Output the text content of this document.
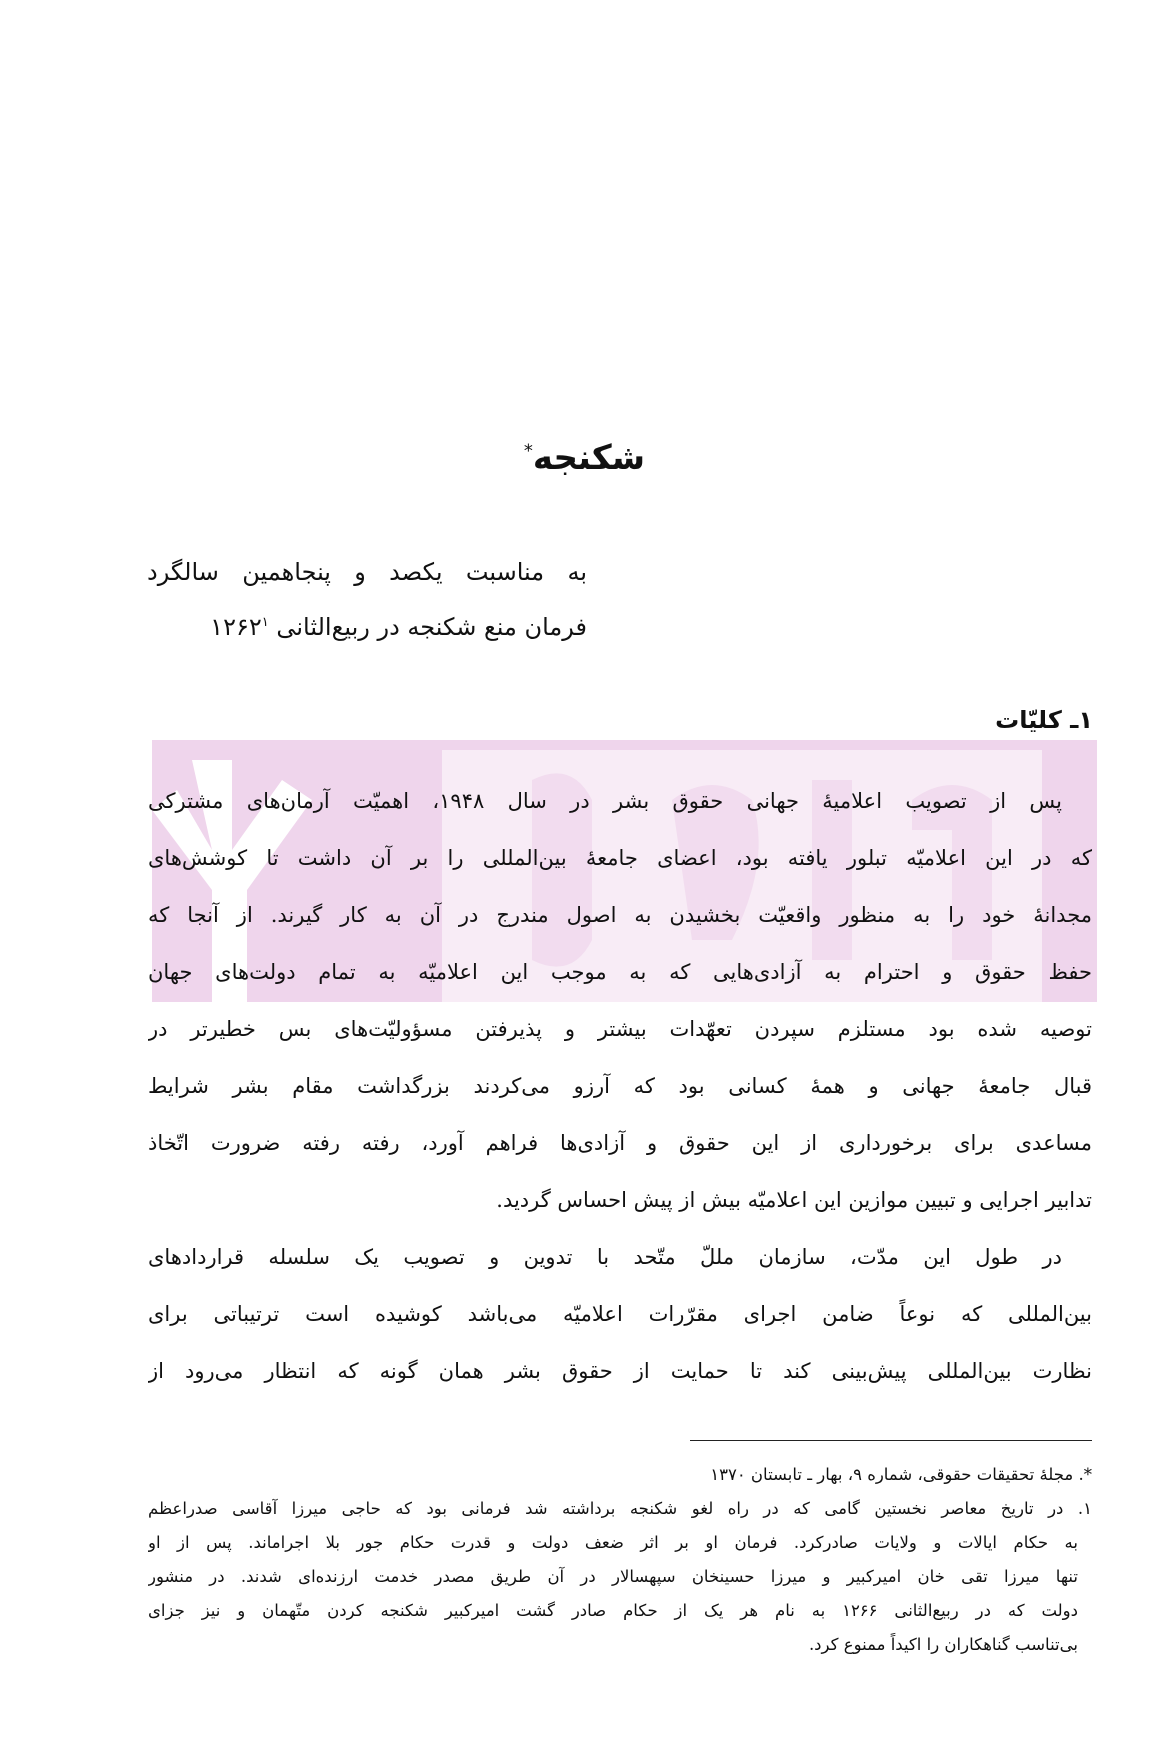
شکنجه*
به مناسبت یکصد و پنجاهمین سالگرد
فرمان منع شکنجه در ربیع‌الثانی ۱۲۶۲$^۱$
۱ـ کلیّات
پس از تصویب اعلامیهٔ جهانی حقوق بشر در سال ۱۹۴۸، اهمیّت آرمان‌های مشترکی
که در این اعلامیّه تبلور یافته بود، اعضای جامعهٔ بین‌المللی را بر آن داشت تا کوشش‌های
مجدانهٔ خود را به منظور واقعیّت بخشیدن به اصول مندرج در آن به کار گیرند. از آنجا که
حفظ حقوق و احترام به آزادی‌هایی که به موجب این اعلامیّه به تمام دولت‌های جهان
توصیه شده بود مستلزم سپردن تعهّدات بیشتر و پذیرفتن مسؤولیّت‌های بس خطیرتر در
قبال جامعهٔ جهانی و همهٔ کسانی بود که آرزو می‌کردند بزرگداشت مقام بشر شرایط
مساعدی برای برخورداری از این حقوق و آزادی‌ها فراهم آورد، رفته رفته ضرورت اتّخاذ
تدابیر اجرایی و تبیین موازین این اعلامیّه بیش از پیش احساس گردید.
در طول این مدّت، سازمان مللّ متّحد با تدوین و تصویب یک سلسله قراردادهای
بین‌المللی که نوعاً ضامن اجرای مقرّرات اعلامیّه می‌باشد کوشیده است ترتیباتی برای
نظارت بین‌المللی پیش‌بینی کند تا حمایت از حقوق بشر همان گونه که انتظار می‌رود از
*. مجلهٔ تحقیقات حقوقی، شماره ۹، بهار ـ تابستان ۱۳۷۰
۱. در تاریخ معاصر نخستین گامی که در راه لغو شکنجه برداشته شد فرمانی بود که حاجی میرزا آقاسی صدراعظم
به حکام ایالات و ولایات صادرکرد. فرمان او بر اثر ضعف دولت و قدرت حکام جور بلا اجراماند. پس از او
تنها میرزا تقی خان امیرکبیر و میرزا حسینخان سپهسالار در آن طریق مصدر خدمت ارزنده‌ای شدند. در منشور
دولت که در ربیع‌الثانی ۱۲۶۶ به نام هر یک از حکام صادر گشت امیرکبیر شکنجه کردن متّهمان و نیز جزای
بی‌تناسب گناهکاران را اکیداً ممنوع کرد.
